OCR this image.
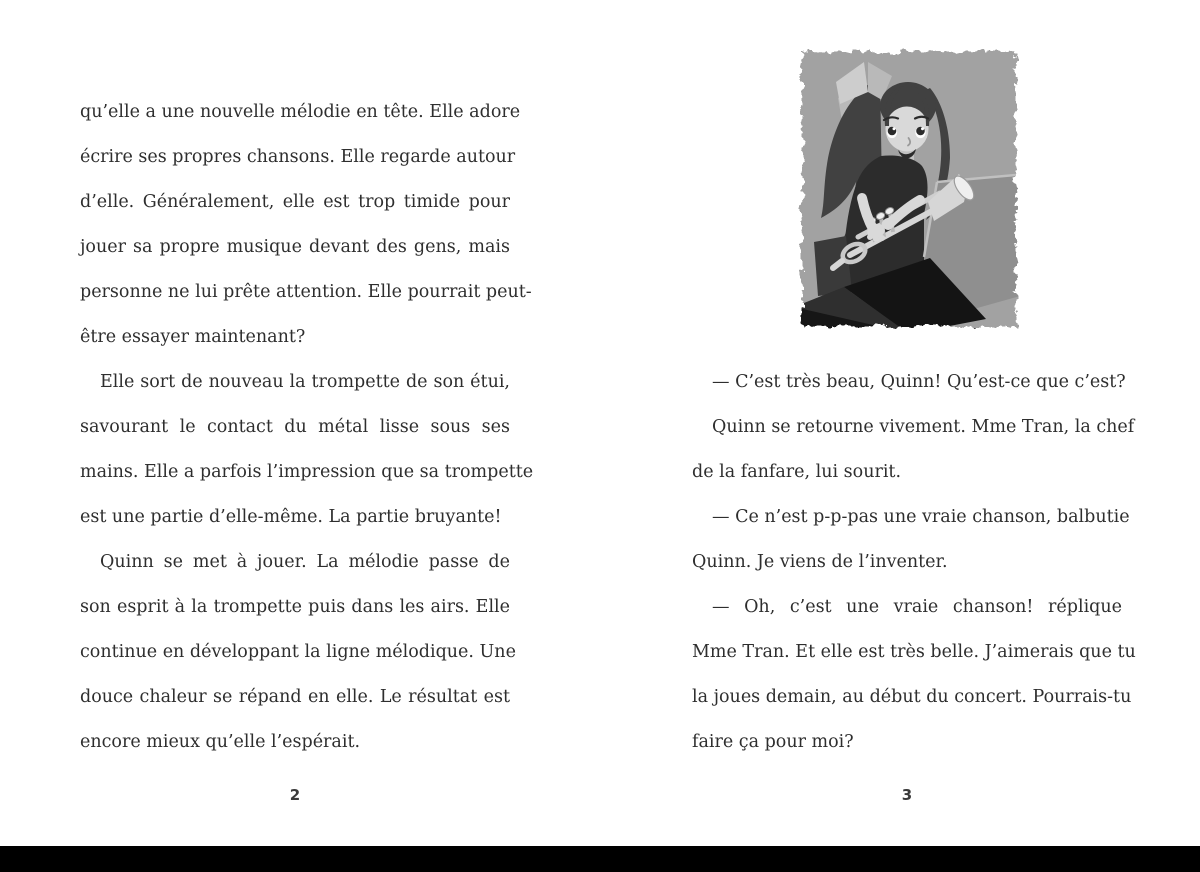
qu’elle a une nouvelle mélodie en tête. Elle adore
écrire ses propres chansons. Elle regarde autour
d’elle. Généralement, elle est trop timide pour
jouer sa propre musique devant des gens, mais
personne ne lui prête attention. Elle pourrait peut-
être essayer maintenant?
Elle sort de nouveau la trompette de son étui,
savourant le contact du métal lisse sous ses
mains. Elle a parfois l’impression que sa trompette
est une partie d’elle-même. La partie bruyante!
Quinn se met à jouer. La mélodie passe de
son esprit à la trompette puis dans les airs. Elle
continue en développant la ligne mélodique. Une
douce chaleur se répand en elle. Le résultat est
encore mieux qu’elle l’espérait.
— C’est très beau, Quinn! Qu’est-ce que c’est?
Quinn se retourne vivement. Mme Tran, la chef
de la fanfare, lui sourit.
— Ce n’est p-p-pas une vraie chanson, balbutie
Quinn. Je viens de l’inventer.
— Oh, c’est une vraie chanson! réplique
Mme Tran. Et elle est très belle. J’aimerais que tu
la joues demain, au début du concert. Pourrais-tu
faire ça pour moi?
2	3
